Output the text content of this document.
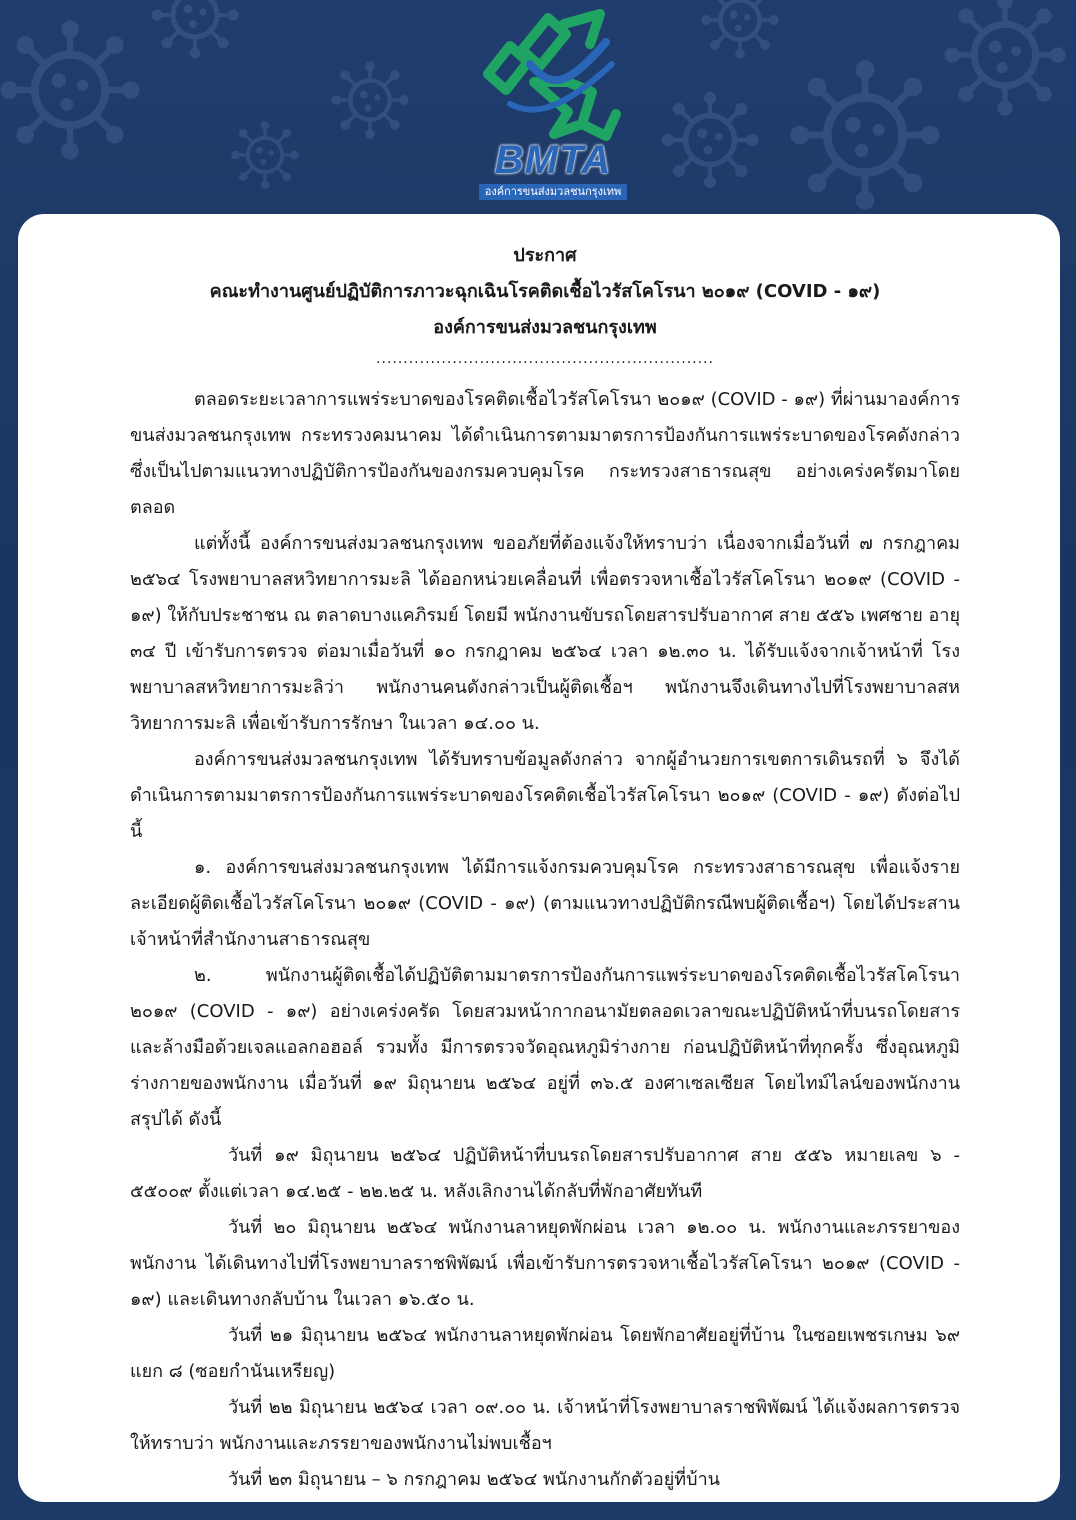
BMTA
องค์การขนส่งมวลชนกรุงเทพ
ประกาศ
คณะทำงานศูนย์ปฏิบัติการภาวะฉุกเฉินโรคติดเชื้อไวรัสโคโรนา ๒๐๑๙ (COVID - ๑๙)
องค์การขนส่งมวลชนกรุงเทพ
..............................................................

ตลอดระยะเวลาการแพร่ระบาดของโรคติดเชื้อไวรัสโคโรนา ๒๐๑๙ (COVID - ๑๙) ที่ผ่านมาองค์การขนส่งมวลชนกรุงเทพ กระทรวงคมนาคม ได้ดำเนินการตามมาตรการป้องกันการแพร่ระบาดของโรคดังกล่าว ซึ่งเป็นไปตามแนวทางปฏิบัติการป้องกันของกรมควบคุมโรค กระทรวงสาธารณสุข อย่างเคร่งครัดมาโดยตลอด

แต่ทั้งนี้ องค์การขนส่งมวลชนกรุงเทพ ขออภัยที่ต้องแจ้งให้ทราบว่า เนื่องจากเมื่อวันที่ ๗ กรกฎาคม ๒๕๖๔ โรงพยาบาลสหวิทยาการมะลิ ได้ออกหน่วยเคลื่อนที่ เพื่อตรวจหาเชื้อไวรัสโคโรนา ๒๐๑๙ (COVID - ๑๙) ให้กับประชาชน ณ ตลาดบางแคภิรมย์ โดยมี พนักงานขับรถโดยสารปรับอากาศ สาย ๕๕๖ เพศชาย อายุ ๓๔ ปี เข้ารับการตรวจ ต่อมาเมื่อวันที่ ๑๐ กรกฎาคม ๒๕๖๔ เวลา ๑๒.๓๐ น. ได้รับแจ้งจากเจ้าหน้าที่ โรงพยาบาลสหวิทยาการมะลิว่า พนักงานคนดังกล่าวเป็นผู้ติดเชื้อฯ พนักงานจึงเดินทางไปที่โรงพยาบาลสหวิทยาการมะลิ เพื่อเข้ารับการรักษา ในเวลา ๑๔.๐๐ น.

องค์การขนส่งมวลชนกรุงเทพ ได้รับทราบข้อมูลดังกล่าว จากผู้อำนวยการเขตการเดินรถที่ ๖ จึงได้ดำเนินการตามมาตรการป้องกันการแพร่ระบาดของโรคติดเชื้อไวรัสโคโรนา ๒๐๑๙ (COVID - ๑๙) ดังต่อไปนี้

๑. องค์การขนส่งมวลชนกรุงเทพ ได้มีการแจ้งกรมควบคุมโรค กระทรวงสาธารณสุข เพื่อแจ้งรายละเอียดผู้ติดเชื้อไวรัสโคโรนา ๒๐๑๙ (COVID - ๑๙) (ตามแนวทางปฏิบัติกรณีพบผู้ติดเชื้อฯ) โดยได้ประสานเจ้าหน้าที่สำนักงานสาธารณสุข

๒. พนักงานผู้ติดเชื้อได้ปฏิบัติตามมาตรการป้องกันการแพร่ระบาดของโรคติดเชื้อไวรัสโคโรนา ๒๐๑๙ (COVID - ๑๙) อย่างเคร่งครัด โดยสวมหน้ากากอนามัยตลอดเวลาขณะปฏิบัติหน้าที่บนรถโดยสาร และล้างมือด้วยเจลแอลกอฮอล์ รวมทั้ง มีการตรวจวัดอุณหภูมิร่างกาย ก่อนปฏิบัติหน้าที่ทุกครั้ง ซึ่งอุณหภูมิร่างกายของพนักงาน เมื่อวันที่ ๑๙ มิถุนายน ๒๕๖๔ อยู่ที่ ๓๖.๕ องศาเซลเซียส โดยไทม์ไลน์ของพนักงาน สรุปได้ ดังนี้

วันที่ ๑๙ มิถุนายน ๒๕๖๔ ปฏิบัติหน้าที่บนรถโดยสารปรับอากาศ สาย ๕๕๖ หมายเลข ๖ - ๕๕๐๐๙ ตั้งแต่เวลา ๑๔.๒๕ - ๒๒.๒๕ น. หลังเลิกงานได้กลับที่พักอาศัยทันที

วันที่ ๒๐ มิถุนายน ๒๕๖๔ พนักงานลาหยุดพักผ่อน เวลา ๑๒.๐๐ น. พนักงานและภรรยาของพนักงาน ได้เดินทางไปที่โรงพยาบาลราชพิพัฒน์ เพื่อเข้ารับการตรวจหาเชื้อไวรัสโคโรนา ๒๐๑๙ (COVID - ๑๙) และเดินทางกลับบ้าน ในเวลา ๑๖.๕๐ น.

วันที่ ๒๑ มิถุนายน ๒๕๖๔ พนักงานลาหยุดพักผ่อน โดยพักอาศัยอยู่ที่บ้าน ในซอยเพชรเกษม ๖๙ แยก ๘ (ซอยกำนันเหรียญ)

วันที่ ๒๒ มิถุนายน ๒๕๖๔ เวลา ๐๙.๐๐ น. เจ้าหน้าที่โรงพยาบาลราชพิพัฒน์ ได้แจ้งผลการตรวจให้ทราบว่า พนักงานและภรรยาของพนักงานไม่พบเชื้อฯ

วันที่ ๒๓ มิถุนายน – ๖ กรกฎาคม ๒๕๖๔ พนักงานกักตัวอยู่ที่บ้าน
